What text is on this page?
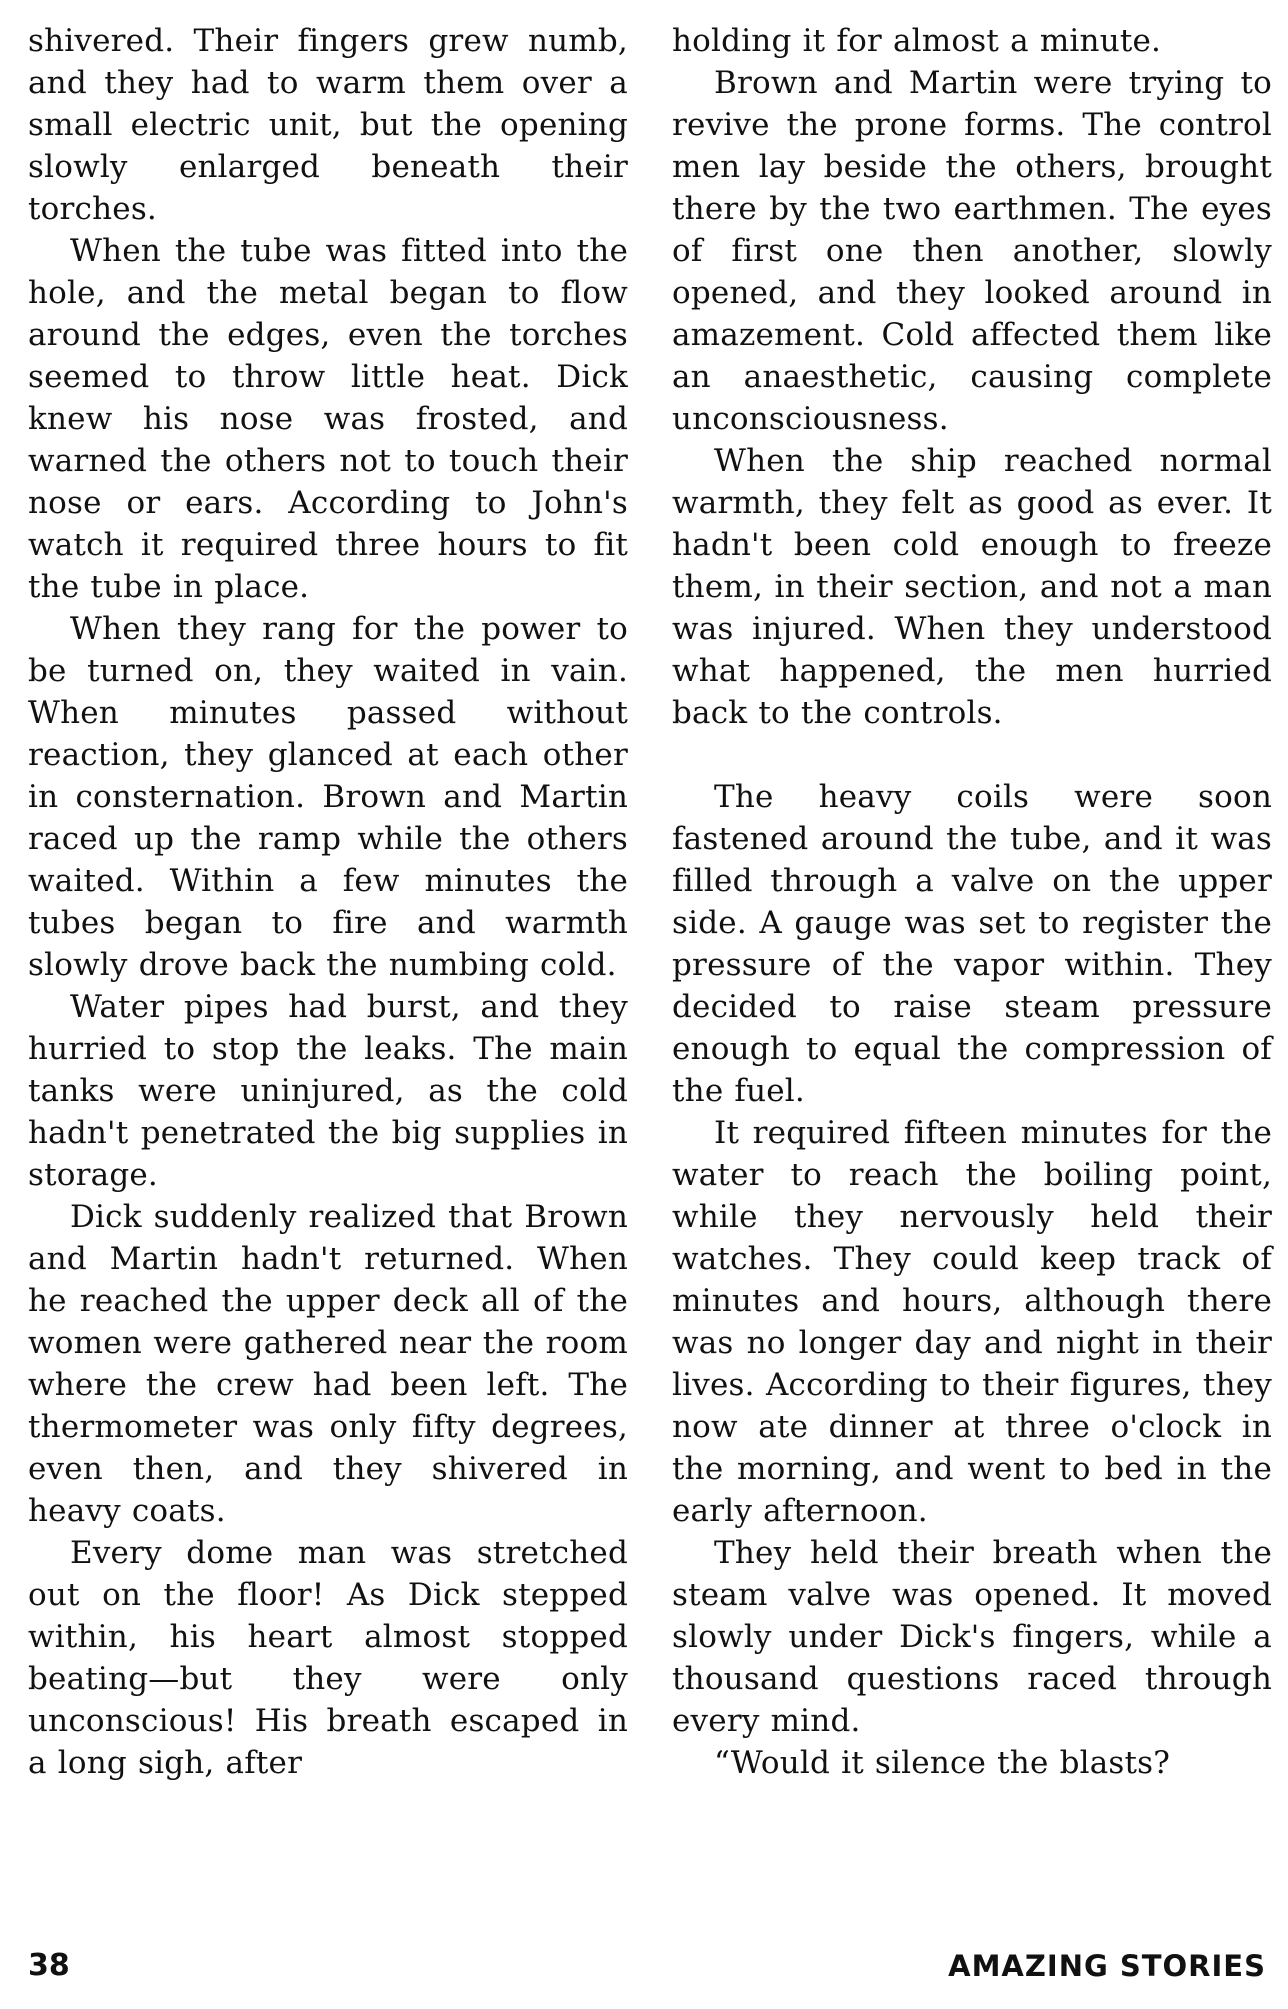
shivered. Their fingers grew numb, and they had to warm them over a small electric unit, but the opening slowly enlarged beneath their torches.

When the tube was fitted into the hole, and the metal began to flow around the edges, even the torches seemed to throw little heat. Dick knew his nose was frosted, and warned the others not to touch their nose or ears. According to John's watch it required three hours to fit the tube in place.

When they rang for the power to be turned on, they waited in vain. When minutes passed without reaction, they glanced at each other in consternation. Brown and Martin raced up the ramp while the others waited. Within a few minutes the tubes began to fire and warmth slowly drove back the numbing cold.

Water pipes had burst, and they hurried to stop the leaks. The main tanks were uninjured, as the cold hadn't penetrated the big supplies in storage.

Dick suddenly realized that Brown and Martin hadn't returned. When he reached the upper deck all of the women were gathered near the room where the crew had been left. The thermometer was only fifty degrees, even then, and they shivered in heavy coats.

Every dome man was stretched out on the floor! As Dick stepped within, his heart almost stopped beating—but they were only unconscious! His breath escaped in a long sigh, after

holding it for almost a minute.

Brown and Martin were trying to revive the prone forms. The control men lay beside the others, brought there by the two earthmen. The eyes of first one then another, slowly opened, and they looked around in amazement. Cold affected them like an anaesthetic, causing complete unconsciousness.

When the ship reached normal warmth, they felt as good as ever. It hadn't been cold enough to freeze them, in their section, and not a man was injured. When they understood what happened, the men hurried back to the controls.

The heavy coils were soon fastened around the tube, and it was filled through a valve on the upper side. A gauge was set to register the pressure of the vapor within. They decided to raise steam pressure enough to equal the compression of the fuel.

It required fifteen minutes for the water to reach the boiling point, while they nervously held their watches. They could keep track of minutes and hours, although there was no longer day and night in their lives. According to their figures, they now ate dinner at three o'clock in the morning, and went to bed in the early afternoon.

They held their breath when the steam valve was opened. It moved slowly under Dick's fingers, while a thousand questions raced through every mind.

“Would it silence the blasts?

38	AMAZING STORIES
